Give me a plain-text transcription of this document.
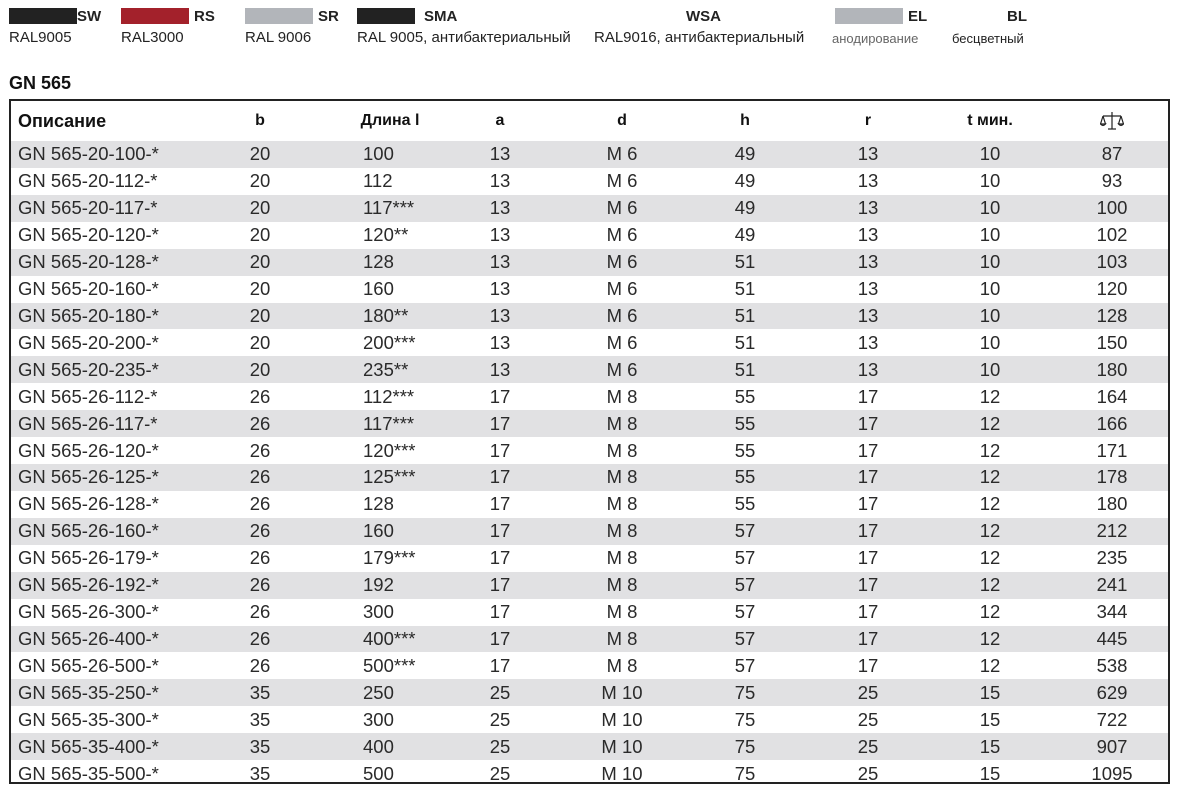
SW
RAL9005
RS
RAL3000
SR
RAL 9006
SMA
RAL 9005, антибактериальный
WSA
RAL9016, антибактериальный
EL
анодирование
BL
бесцветный
GN 565
Описание	b	Длина l	a	d	h	r	t мин.
GN 565-20-100-*	20	100	13	M 6	49	13	10	87
GN 565-20-112-*	20	112	13	M 6	49	13	10	93
GN 565-20-117-*	20	117***	13	M 6	49	13	10	100
GN 565-20-120-*	20	120**	13	M 6	49	13	10	102
GN 565-20-128-*	20	128	13	M 6	51	13	10	103
GN 565-20-160-*	20	160	13	M 6	51	13	10	120
GN 565-20-180-*	20	180**	13	M 6	51	13	10	128
GN 565-20-200-*	20	200***	13	M 6	51	13	10	150
GN 565-20-235-*	20	235**	13	M 6	51	13	10	180
GN 565-26-112-*	26	112***	17	M 8	55	17	12	164
GN 565-26-117-*	26	117***	17	M 8	55	17	12	166
GN 565-26-120-*	26	120***	17	M 8	55	17	12	171
GN 565-26-125-*	26	125***	17	M 8	55	17	12	178
GN 565-26-128-*	26	128	17	M 8	55	17	12	180
GN 565-26-160-*	26	160	17	M 8	57	17	12	212
GN 565-26-179-*	26	179***	17	M 8	57	17	12	235
GN 565-26-192-*	26	192	17	M 8	57	17	12	241
GN 565-26-300-*	26	300	17	M 8	57	17	12	344
GN 565-26-400-*	26	400***	17	M 8	57	17	12	445
GN 565-26-500-*	26	500***	17	M 8	57	17	12	538
GN 565-35-250-*	35	250	25	M 10	75	25	15	629
GN 565-35-300-*	35	300	25	M 10	75	25	15	722
GN 565-35-400-*	35	400	25	M 10	75	25	15	907
GN 565-35-500-*	35	500	25	M 10	75	25	15	1095
